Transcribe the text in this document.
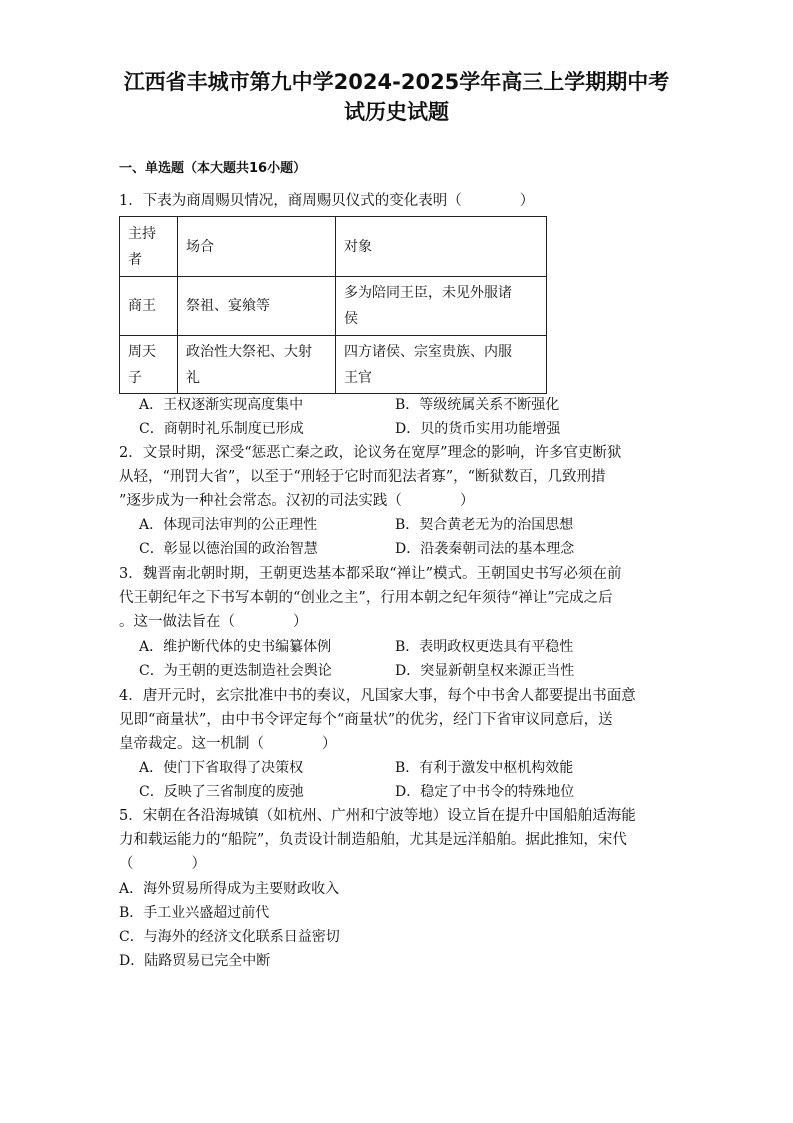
江西省丰城市第九中学2024-2025学年高三上学期期中考
试历史试题
一、单选题（本大题共16小题）
1．下表为商周赐贝情况，商周赐贝仪式的变化表明（　　　　）
主持
者	场合	对象
商王	祭祖、宴飨等	多为陪同王臣，未见外服诸
侯
周天
子	政治性大祭祀、大射
礼	四方诸侯、宗室贵族、内服
王官
A．王权逐渐实现高度集中	B．等级统属关系不断强化
C．商朝时礼乐制度已形成	D．贝的货币实用功能增强
2．文景时期，深受“惩恶亡秦之政，论议务在宽厚”理念的影响，许多官吏断狱
从轻，“刑罚大省”，以至于“刑轻于它时而犯法者寡”，“断狱数百，几致刑措
”逐步成为一种社会常态。汉初的司法实践（　　　　）
A．体现司法审判的公正理性	B．契合黄老无为的治国思想
C．彰显以德治国的政治智慧	D．沿袭秦朝司法的基本理念
3．魏晋南北朝时期，王朝更迭基本都采取“禅让”模式。王朝国史书写必须在前
代王朝纪年之下书写本朝的“创业之主”，行用本朝之纪年须待“禅让”完成之后
。这一做法旨在（　　　　）
A．维护断代体的史书编纂体例	B．表明政权更迭具有平稳性
C．为王朝的更迭制造社会舆论	D．突显新朝皇权来源正当性
4．唐开元时，玄宗批准中书的奏议，凡国家大事，每个中书舍人都要提出书面意
见即“商量状”，由中书令评定每个“商量状”的优劣，经门下省审议同意后，送
皇帝裁定。这一机制（　　　　）
A．使门下省取得了决策权	B．有利于激发中枢机构效能
C．反映了三省制度的废弛	D．稳定了中书令的特殊地位
5．宋朝在各沿海城镇（如杭州、广州和宁波等地）设立旨在提升中国船舶适海能
力和载运能力的“船院”，负责设计制造船舶，尤其是远洋船舶。据此推知，宋代
（　　　　）
A．海外贸易所得成为主要财政收入
B．手工业兴盛超过前代
C．与海外的经济文化联系日益密切
D．陆路贸易已完全中断
